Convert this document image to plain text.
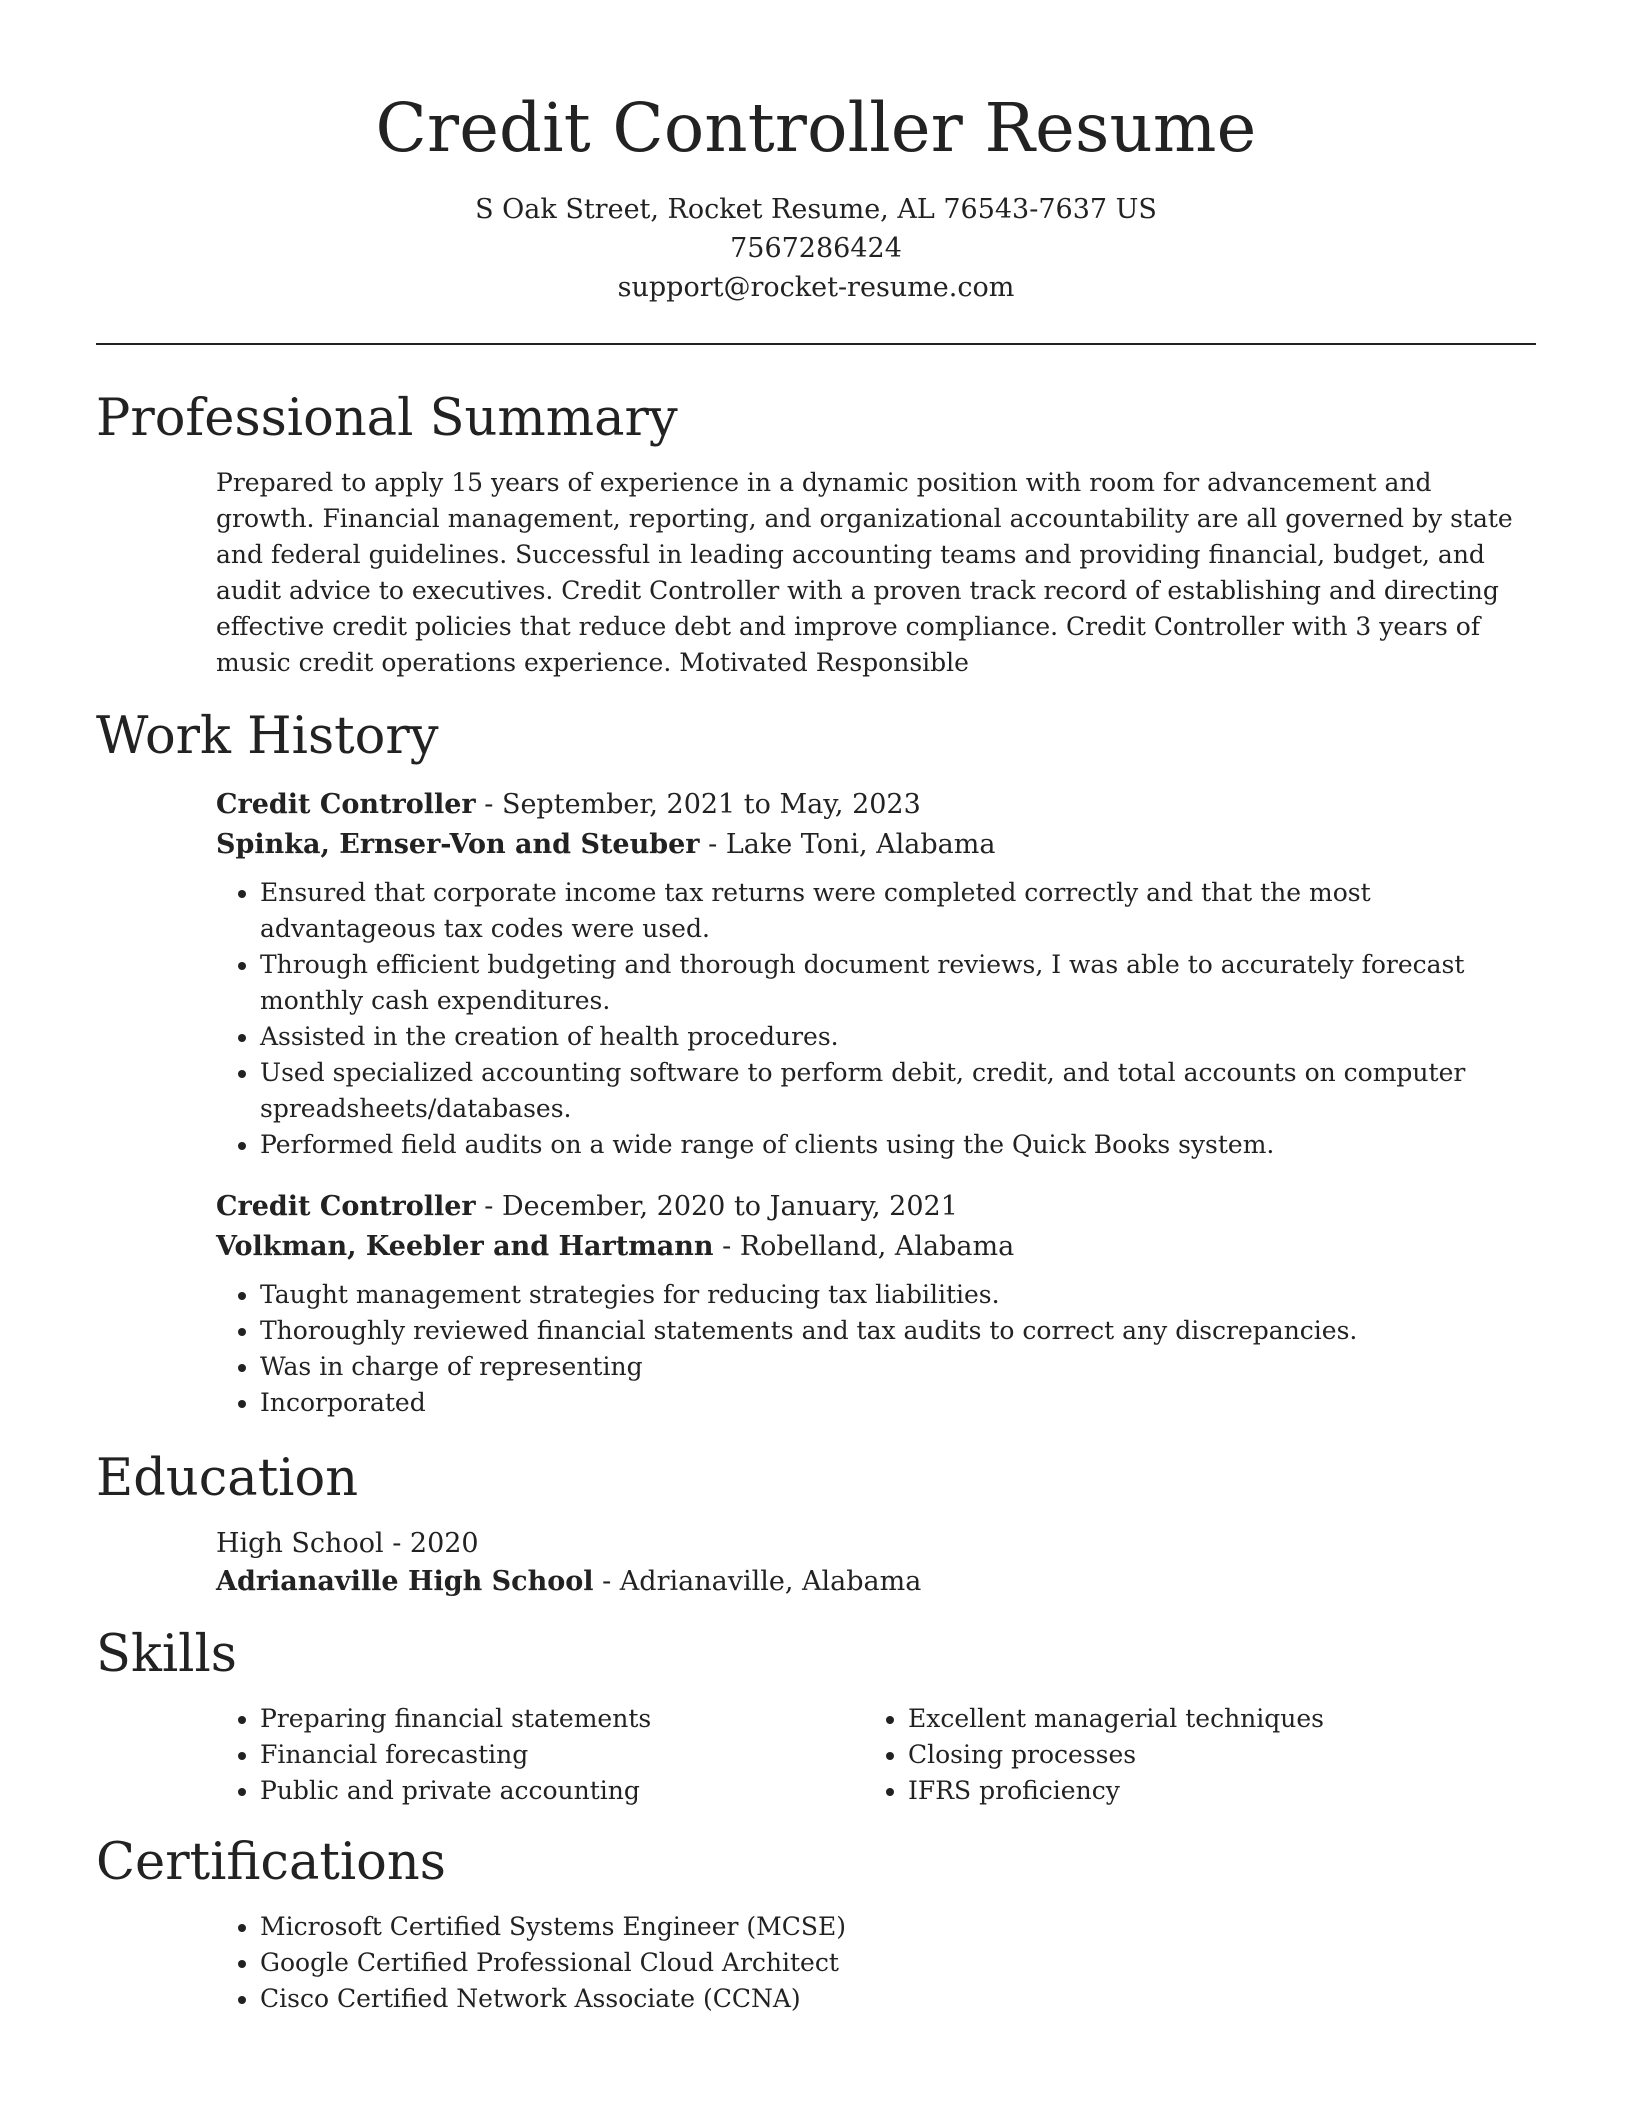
Credit Controller Resume

S Oak Street, Rocket Resume, AL 76543-7637 US

7567286424

support@rocket-resume.com

Professional Summary

Prepared to apply 15 years of experience in a dynamic position with room for advancement and growth. Financial management, reporting, and organizational accountability are all governed by state and federal guidelines. Successful in leading accounting teams and providing financial, budget, and audit advice to executives. Credit Controller with a proven track record of establishing and directing effective credit policies that reduce debt and improve compliance. Credit Controller with 3 years of music credit operations experience. Motivated Responsible

Work History

Credit Controller - September, 2021 to May, 2023

Spinka, Ernser-Von and Steuber - Lake Toni, Alabama

• Ensured that corporate income tax returns were completed correctly and that the most advantageous tax codes were used.
• Through efficient budgeting and thorough document reviews, I was able to accurately forecast monthly cash expenditures.
• Assisted in the creation of health procedures.
• Used specialized accounting software to perform debit, credit, and total accounts on computer spreadsheets/databases.
• Performed field audits on a wide range of clients using the Quick Books system.

Credit Controller - December, 2020 to January, 2021

Volkman, Keebler and Hartmann - Robelland, Alabama

• Taught management strategies for reducing tax liabilities.
• Thoroughly reviewed financial statements and tax audits to correct any discrepancies.
• Was in charge of representing
• Incorporated
Education

High School - 2020

Adrianaville High School - Adrianaville, Alabama

Skills
• Preparing financial statements
• Financial forecasting
• Public and private accounting
• Excellent managerial techniques
• Closing processes
• IFRS proficiency
Certifications
• Microsoft Certified Systems Engineer (MCSE)
• Google Certified Professional Cloud Architect
• Cisco Certified Network Associate (CCNA)
